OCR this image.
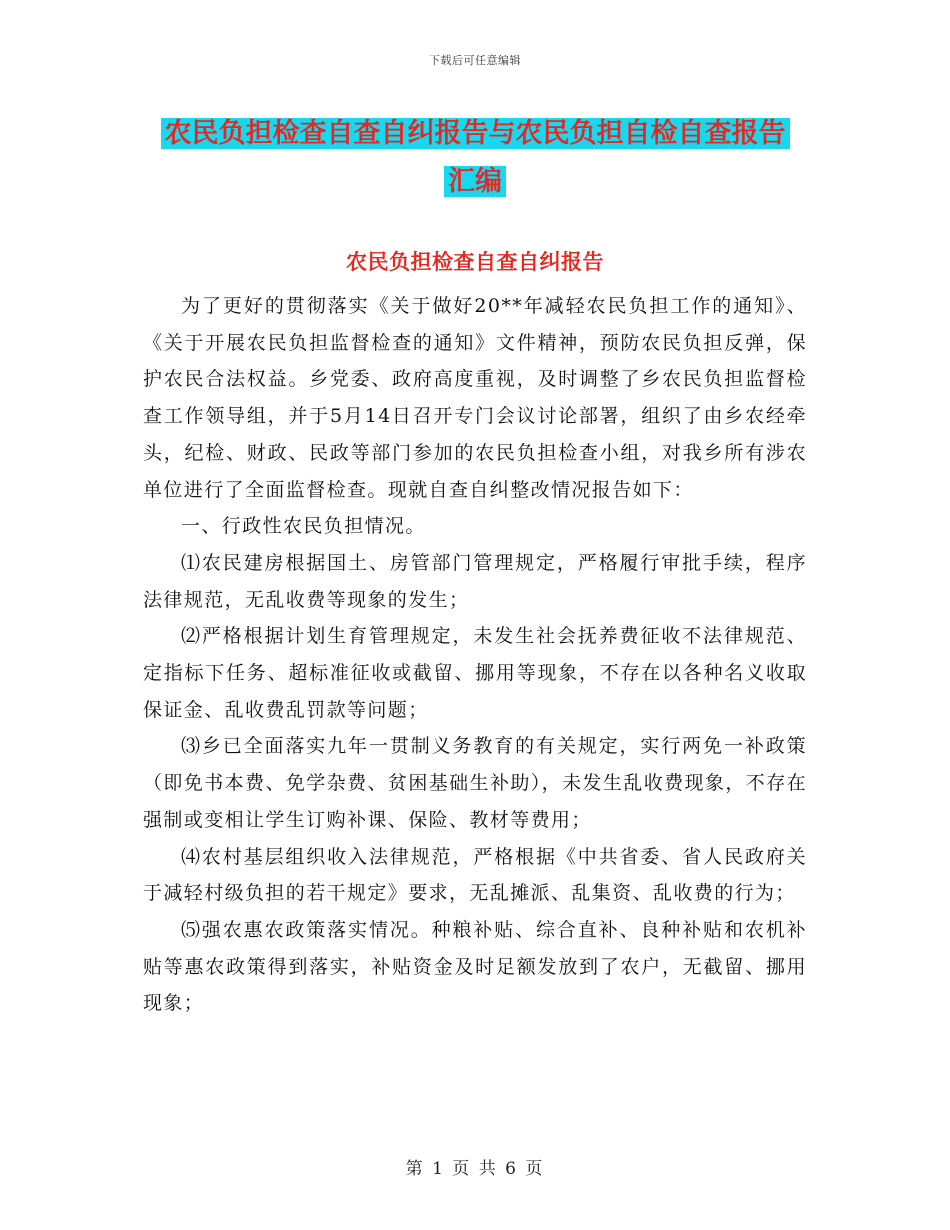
下载后可任意编辑
农民负担检查自查自纠报告与农民负担自检自查报告
汇编
农民负担检查自查自纠报告

为了更好的贯彻落实《关于做好20**年减轻农民负担工作的通知》、《关于开展农民负担监督检查的通知》文件精神，预防农民负担反弹，保护农民合法权益。乡党委、政府高度重视，及时调整了乡农民负担监督检查工作领导组，并于5月14日召开专门会议讨论部署，组织了由乡农经牵头，纪检、财政、民政等部门参加的农民负担检查小组，对我乡所有涉农单位进行了全面监督检查。现就自查自纠整改情况报告如下：

一、行政性农民负担情况。

⑴农民建房根据国土、房管部门管理规定，严格履行审批手续，程序法律规范，无乱收费等现象的发生；

⑵严格根据计划生育管理规定，未发生社会抚养费征收不法律规范、定指标下任务、超标准征收或截留、挪用等现象，不存在以各种名义收取保证金、乱收费乱罚款等问题；

⑶乡已全面落实九年一贯制义务教育的有关规定，实行两免一补政策（即免书本费、免学杂费、贫困基础生补助），未发生乱收费现象，不存在强制或变相让学生订购补课、保险、教材等费用；

⑷农村基层组织收入法律规范，严格根据《中共省委、省人民政府关于减轻村级负担的若干规定》要求，无乱摊派、乱集资、乱收费的行为；

⑸强农惠农政策落实情况。种粮补贴、综合直补、良种补贴和农机补贴等惠农政策得到落实，补贴资金及时足额发放到了农户，无截留、挪用现象；

第 1 页 共 6 页
